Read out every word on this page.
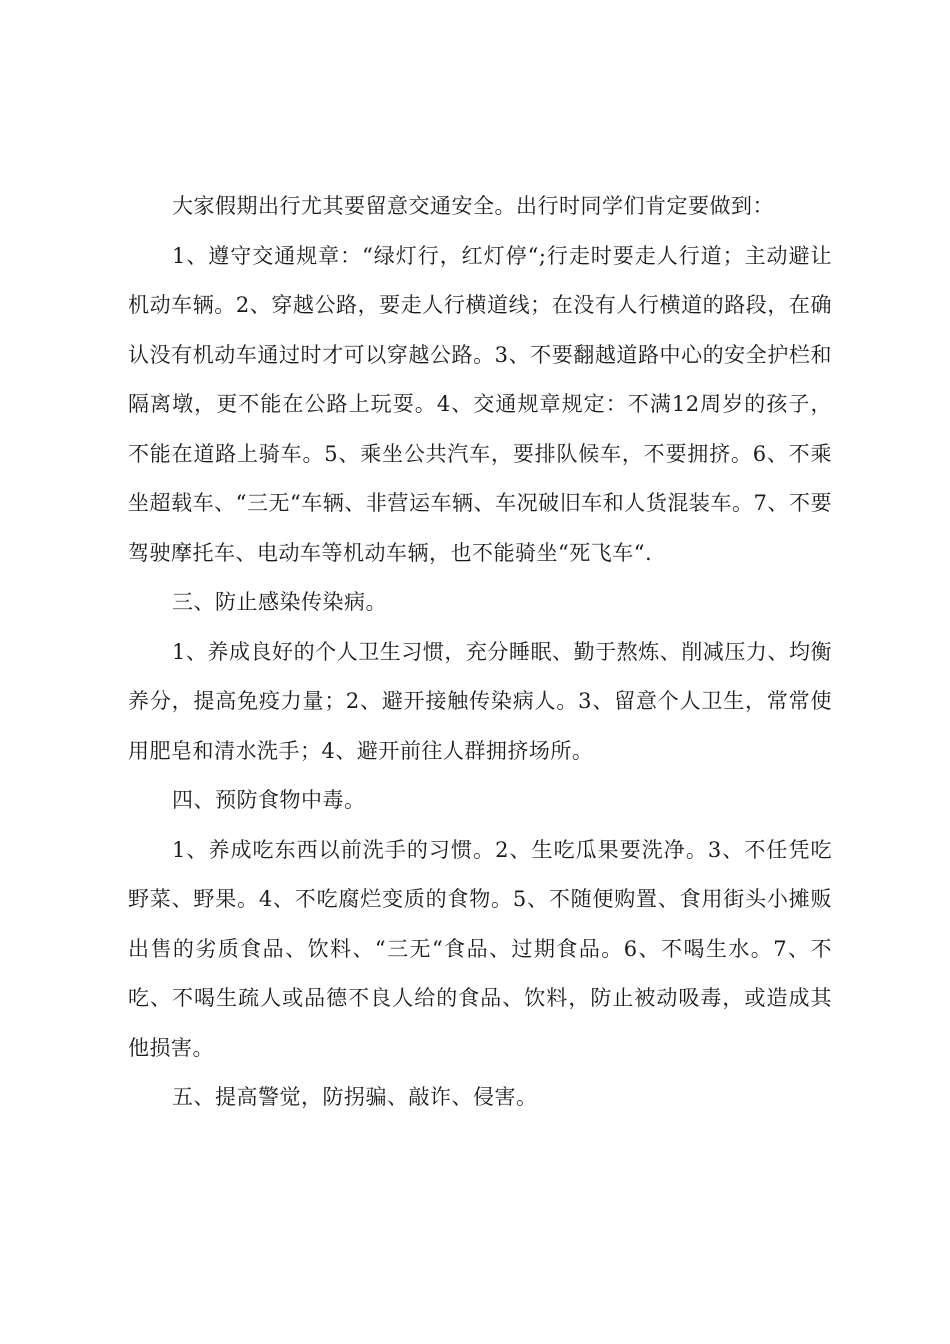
大家假期出行尤其要留意交通安全。出行时同学们肯定要做到：

1、遵守交通规章：“绿灯行，红灯停“;行走时要走人行道；主动避让机动车辆。2、穿越公路，要走人行横道线；在没有人行横道的路段，在确认没有机动车通过时才可以穿越公路。3、不要翻越道路中心的安全护栏和隔离墩，更不能在公路上玩耍。4、交通规章规定：不满12周岁的孩子，不能在道路上骑车。5、乘坐公共汽车，要排队候车，不要拥挤。6、不乘坐超载车、“三无“车辆、非营运车辆、车况破旧车和人货混装车。7、不要驾驶摩托车、电动车等机动车辆，也不能骑坐“死飞车“.

三、防止感染传染病。

1、养成良好的个人卫生习惯，充分睡眠、勤于熬炼、削减压力、均衡养分，提高免疫力量；2、避开接触传染病人。3、留意个人卫生，常常使用肥皂和清水洗手；4、避开前往人群拥挤场所。

四、预防食物中毒。

1、养成吃东西以前洗手的习惯。2、生吃瓜果要洗净。3、不任凭吃野菜、野果。4、不吃腐烂变质的食物。5、不随便购置、食用街头小摊贩出售的劣质食品、饮料、“三无“食品、过期食品。6、不喝生水。7、不吃、不喝生疏人或品德不良人给的食品、饮料，防止被动吸毒，或造成其他损害。

五、提高警觉，防拐骗、敲诈、侵害。
